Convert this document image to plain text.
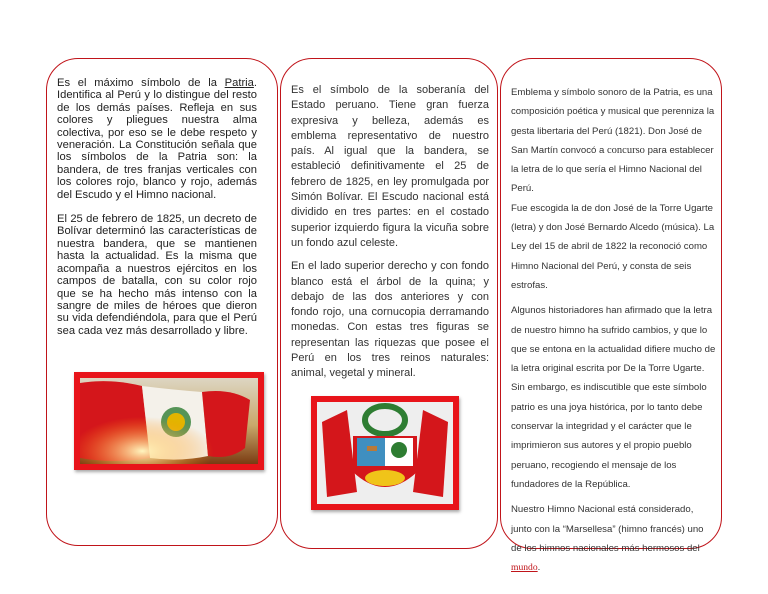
Es el máximo símbolo de la Patria. Identifica al Perú y lo distingue del resto de los demás países. Refleja en sus colores y pliegues nuestra alma colectiva, por eso se le debe respeto y veneración. La Constitución señala que los símbolos de la Patria son: la bandera, de tres franjas verticales con los colores rojo, blanco y rojo, además del Escudo y el Himno nacional.

El 25 de febrero de 1825, un decreto de Bolívar determinó las características de nuestra bandera, que se mantienen hasta la actualidad. Es la misma que acompaña a nuestros ejércitos en los campos de batalla, con su color rojo que se ha hecho más intenso con la sangre de miles de héroes que dieron su vida defendiéndola, para que el Perú sea cada vez más desarrollado y libre.

Es el símbolo de la soberanía del Estado peruano. Tiene gran fuerza expresiva y belleza, además es emblema representativo de nuestro país. Al igual que la bandera, se estableció definitivamente el 25 de febrero de 1825, en ley promulgada por Simón Bolívar. El Escudo nacional está dividido en tres partes: en el costado superior izquierdo figura la vicuña sobre un fondo azul celeste.

En el lado superior derecho y con fondo blanco está el árbol de la quina; y debajo de las dos anteriores y con fondo rojo, una cornucopia derramando monedas. Con estas tres figuras se representan las riquezas que posee el Perú en los tres reinos naturales: animal, vegetal y mineral.

Emblema y símbolo sonoro de la Patria, es una composición poética y musical que perenniza la gesta libertaria del Perú (1821). Don José de San Martín convocó a concurso para establecer la letra de lo que sería el Himno Nacional del Perú.
Fue escogida la de don José de la Torre Ugarte (letra) y don José Bernardo Alcedo (música). La Ley del 15 de abril de 1822 la reconoció como Himno Nacional del Perú, y consta de seis estrofas.

Algunos historiadores han afirmado que la letra de nuestro himno ha sufrido cambios, y que lo que se entona en la actualidad difiere mucho de la letra original escrita por De la Torre Ugarte. Sin embargo, es indiscutible que este símbolo patrio es una joya histórica, por lo tanto debe conservar la integridad y el carácter que le imprimieron sus autores y el propio pueblo peruano, recogiendo el mensaje de los fundadores de la República.

Nuestro Himno Nacional está considerado, junto con la “Marsellesa” (himno francés) uno de los himnos nacionales más hermosos del mundo.
